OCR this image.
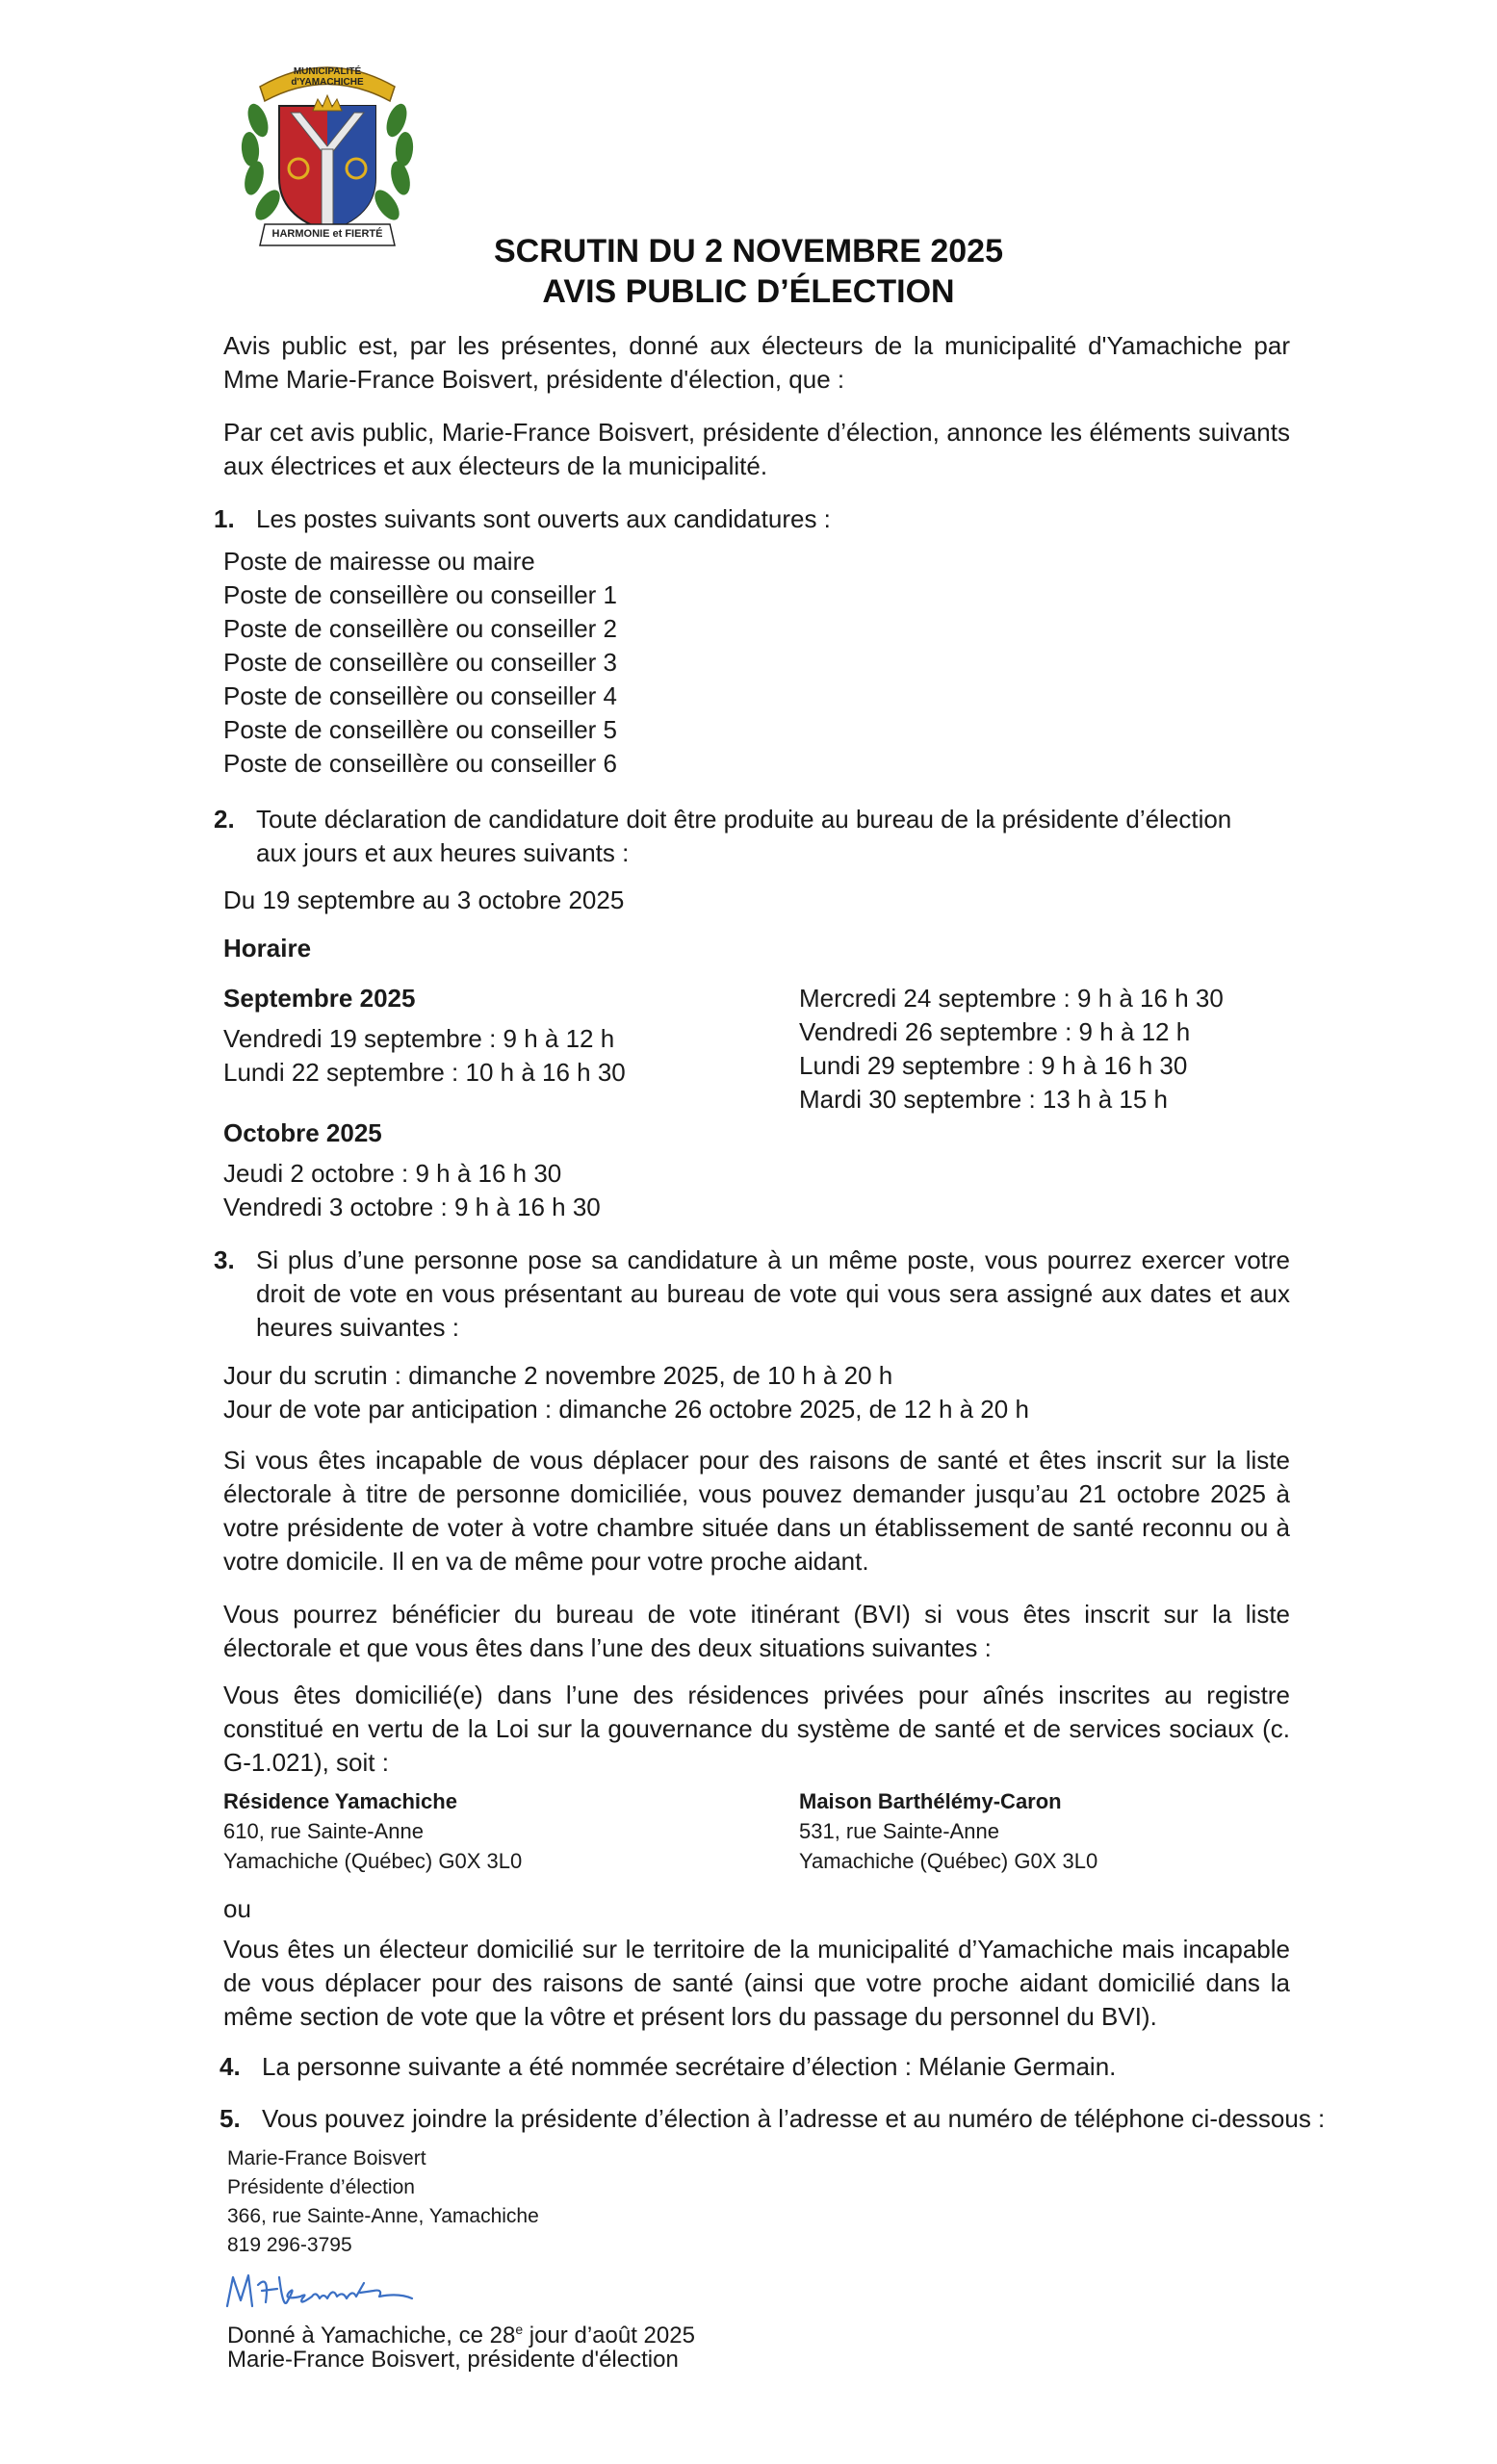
MUNICIPALITÉ d'YAMACHICHE
HARMONIE et FIERTÉ	SCRUTIN DU 2 NOVEMBRE 2025
AVIS PUBLIC D’ÉLECTION
Avis public est, par les présentes, donné aux électeurs de la municipalité d'Yamachiche par Mme Marie-France Boisvert, présidente d'élection, que :
Par cet avis public, Marie-France Boisvert, présidente d’élection, annonce les éléments suivants aux électrices et aux électeurs de la municipalité.
1. Les postes suivants sont ouverts aux candidatures :
Poste de mairesse ou maire
Poste de conseillère ou conseiller 1
Poste de conseillère ou conseiller 2
Poste de conseillère ou conseiller 3
Poste de conseillère ou conseiller 4
Poste de conseillère ou conseiller 5
Poste de conseillère ou conseiller 6
2. Toute déclaration de candidature doit être produite au bureau de la présidente d’élection aux jours et aux heures suivants :
Du 19 septembre au 3 octobre 2025
Horaire
Septembre 2025
Vendredi 19 septembre : 9 h à 12 h
Lundi 22 septembre : 10 h à 16 h 30
Mercredi 24 septembre : 9 h à 16 h 30
Vendredi 26 septembre : 9 h à 12 h
Lundi 29 septembre : 9 h à 16 h 30
Mardi 30 septembre : 13 h à 15 h
Octobre 2025
Jeudi 2 octobre : 9 h à 16 h 30
Vendredi 3 octobre : 9 h à 16 h 30
3. Si plus d’une personne pose sa candidature à un même poste, vous pourrez exercer votre droit de vote en vous présentant au bureau de vote qui vous sera assigné aux dates et aux heures suivantes :
Jour du scrutin : dimanche 2 novembre 2025, de 10 h à 20 h
Jour de vote par anticipation : dimanche 26 octobre 2025, de 12 h à 20 h
Si vous êtes incapable de vous déplacer pour des raisons de santé et êtes inscrit sur la liste électorale à titre de personne domiciliée, vous pouvez demander jusqu’au 21 octobre 2025 à votre présidente de voter à votre chambre située dans un établissement de santé reconnu ou à votre domicile. Il en va de même pour votre proche aidant.
Vous pourrez bénéficier du bureau de vote itinérant (BVI) si vous êtes inscrit sur la liste électorale et que vous êtes dans l’une des deux situations suivantes :
Vous êtes domicilié(e) dans l’une des résidences privées pour aînés inscrites au registre constitué en vertu de la Loi sur la gouvernance du système de santé et de services sociaux (c. G-1.021), soit :
Résidence Yamachiche
610, rue Sainte-Anne
Yamachiche (Québec) G0X 3L0
Maison Barthélémy-Caron
531, rue Sainte-Anne
Yamachiche (Québec) G0X 3L0
ou
Vous êtes un électeur domicilié sur le territoire de la municipalité d’Yamachiche mais incapable de vous déplacer pour des raisons de santé (ainsi que votre proche aidant domicilié dans la même section de vote que la vôtre et présent lors du passage du personnel du BVI).
4. La personne suivante a été nommée secrétaire d’élection : Mélanie Germain.
5. Vous pouvez joindre la présidente d’élection à l’adresse et au numéro de téléphone ci-dessous :
Marie-France Boisvert
Présidente d’élection
366, rue Sainte-Anne, Yamachiche
819 296-3795
Donné à Yamachiche, ce 28e jour d’août 2025
Marie-France Boisvert, présidente d'élection
